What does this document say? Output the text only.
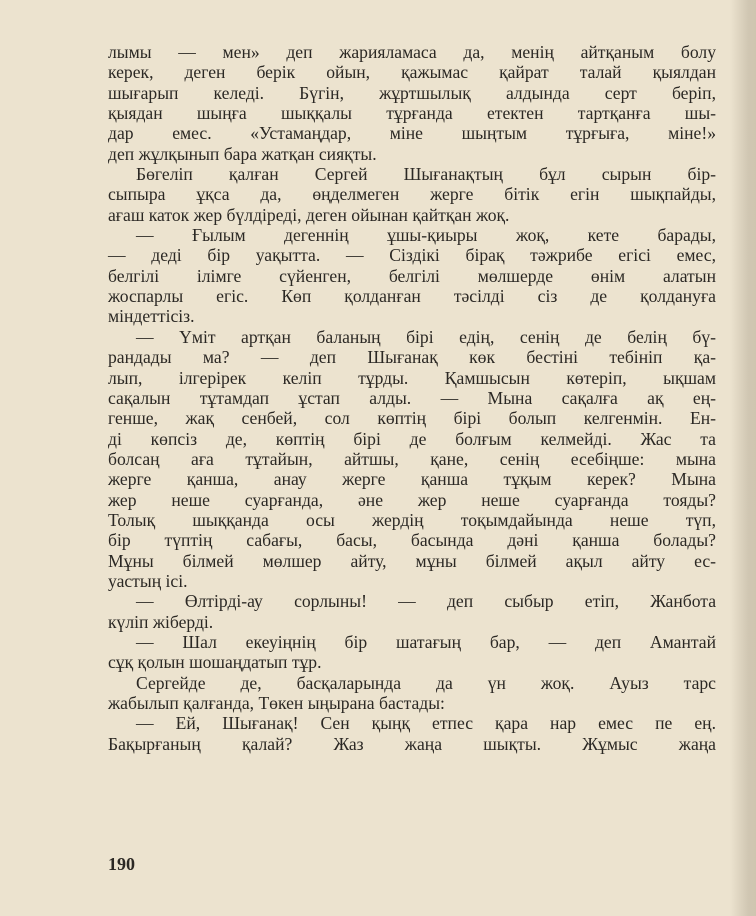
лымы — мен» деп жарияламаса да, менің айтқаным болу
керек, деген берік ойын, қажымас қайрат талай қыялдан
шығарып келеді. Бүгін, жұртшылық алдында серт беріп,
қыядан шыңға шыққалы тұрғанда етектен тартқанға шы-
дар емес. «Устамаңдар, міне шыңтым тұрғыға, міне!»
деп жұлқынып бара жатқан сияқты.

Бөгеліп қалған Сергей Шығанақтың бұл сырын бір-
сыпыра ұқса да, өңделмеген жерге бітік егін шықпайды,
ағаш каток жер бүлдіреді, деген ойынан қайтқан жоқ.

— Ғылым дегеннің ұшы-қиыры жоқ, кете барады,
— деді бір уақытта. — Сіздікі бірақ тәжрибе егісі емес,
белгілі ілімге сүйенген, белгілі мөлшерде өнім алатын
жоспарлы егіс. Көп қолданған тәсілді сіз де қолдануға
міндеттісіз.

— Үміт артқан баланың бірі едің, сенің де белің бү-
рандады ма? — деп Шығанақ көк бестіні тебініп қа-
лып, ілгерірек келіп тұрды. Қамшысын көтеріп, ықшам
сақалын тұтамдап ұстап алды. — Мына сақалға ақ ең-
генше, жақ сенбей, сол көптің бірі болып келгенмін. Ен-
ді көпсіз де, көптің бірі де болғым келмейді. Жас та
болсаң аға тұтайын, айтшы, қане, сенің есебіңше: мына
жерге қанша, анау жерге қанша тұқым керек? Мына
жер неше суарғанда, әне жер неше суарғанда тояды?
Толық шыққанда осы жердің тоқымдайында неше түп,
бір түптің сабағы, басы, басында дәні қанша болады?
Мұны білмей мөлшер айту, мұны білмей ақыл айту ес-
уастың ісі.

— Өлтірді-ау сорлыны! — деп сыбыр етіп, Жанбота
күліп жіберді.

— Шал екеуіңнің бір шатағың бар, — деп Амантай
сұқ қолын шошаңдатып тұр.

Сергейде де, басқаларында да үн жоқ. Ауыз тарс
жабылып қалғанда, Төкен ыңырана бастады:

— Ей, Шығанақ! Сен қыңқ етпес қара нар емес пе ең.
Бақырғаның қалай? Жаз жаңа шықты. Жұмыс жаңа

190
